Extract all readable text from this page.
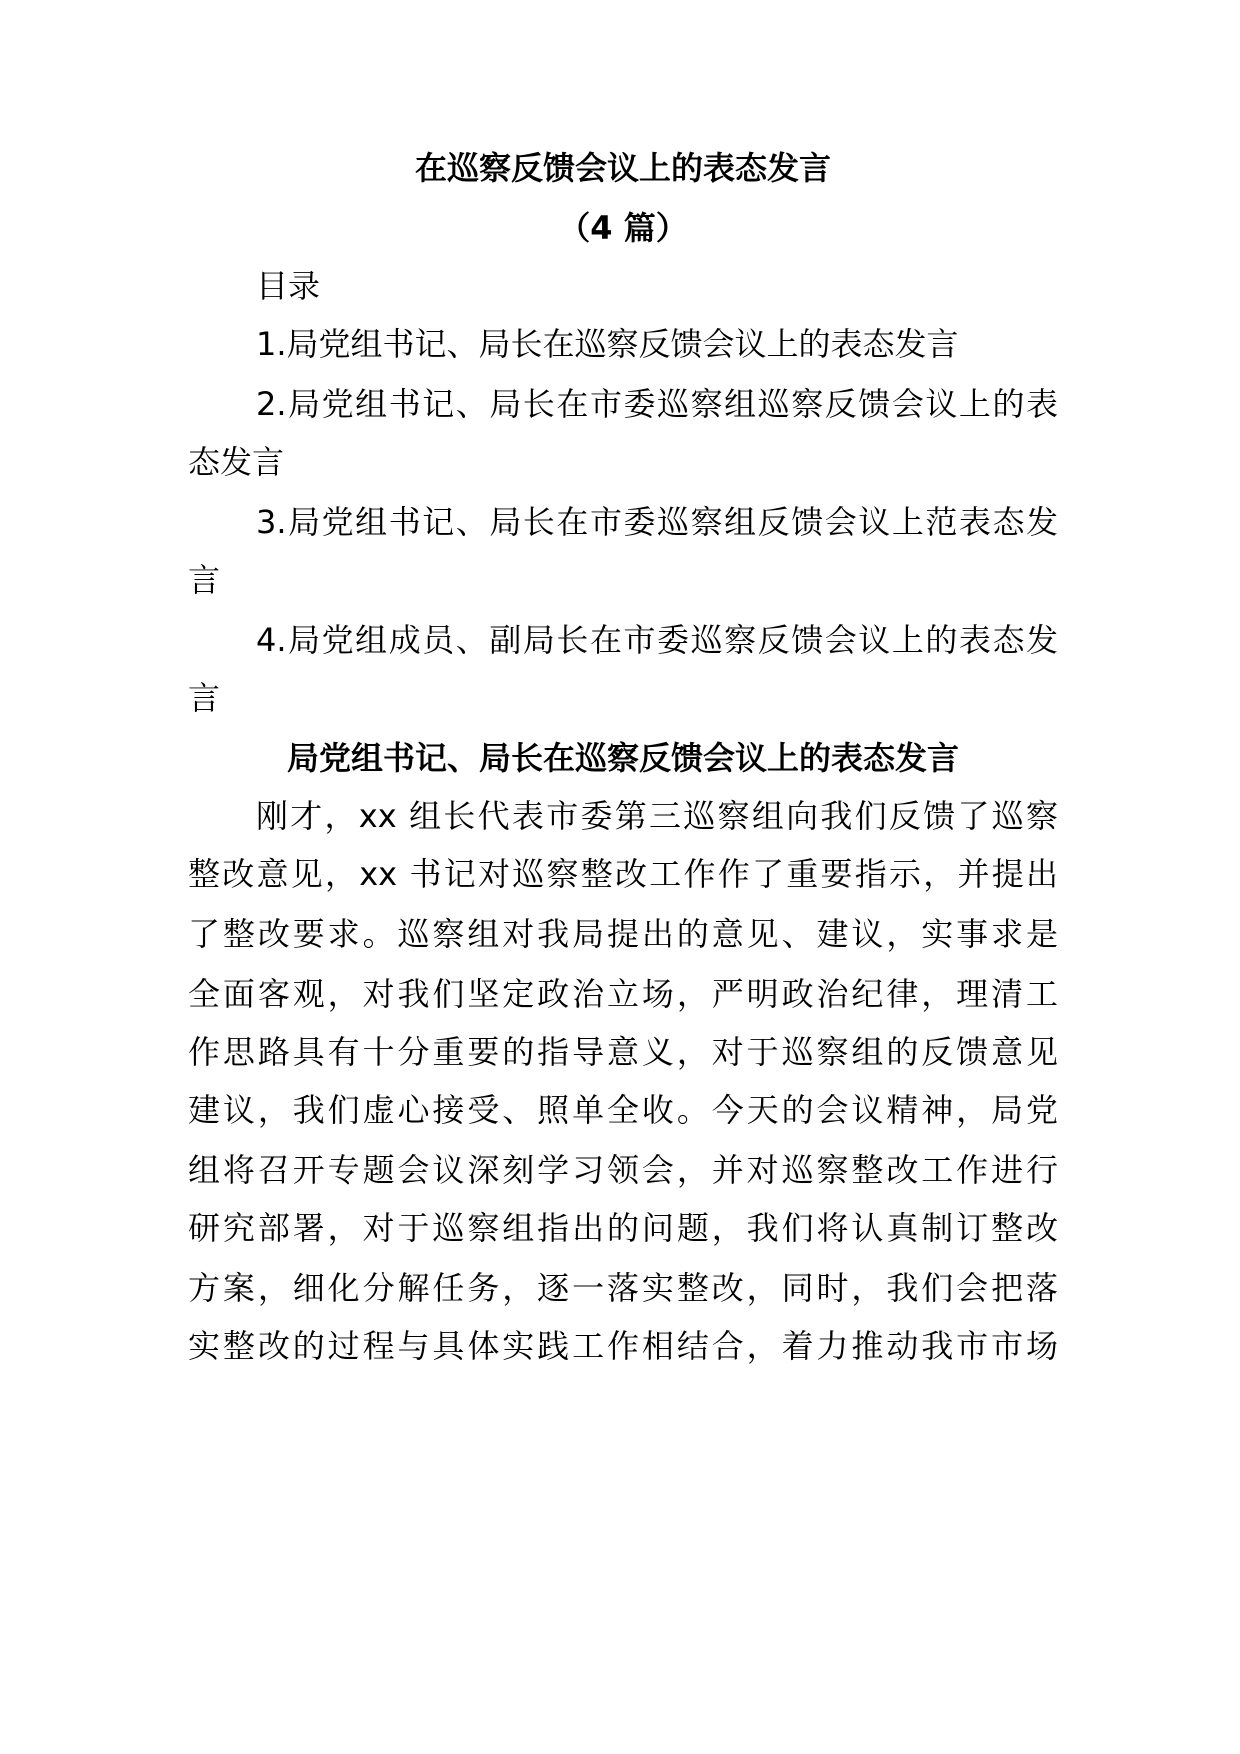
在巡察反馈会议上的表态发言
（4 篇）
目录
1.局党组书记、局长在巡察反馈会议上的表态发言
2.局党组书记、局长在市委巡察组巡察反馈会议上的表
态发言
3.局党组书记、局长在市委巡察组反馈会议上范表态发
言
4.局党组成员、副局长在市委巡察反馈会议上的表态发
言
局党组书记、局长在巡察反馈会议上的表态发言
刚才，xx 组长代表市委第三巡察组向我们反馈了巡察
整改意见，xx 书记对巡察整改工作作了重要指示，并提出
了整改要求。巡察组对我局提出的意见、建议，实事求是
全面客观，对我们坚定政治立场，严明政治纪律，理清工
作思路具有十分重要的指导意义，对于巡察组的反馈意见
建议，我们虚心接受、照单全收。今天的会议精神，局党
组将召开专题会议深刻学习领会，并对巡察整改工作进行
研究部署，对于巡察组指出的问题，我们将认真制订整改
方案，细化分解任务，逐一落实整改，同时，我们会把落
实整改的过程与具体实践工作相结合，着力推动我市市场
